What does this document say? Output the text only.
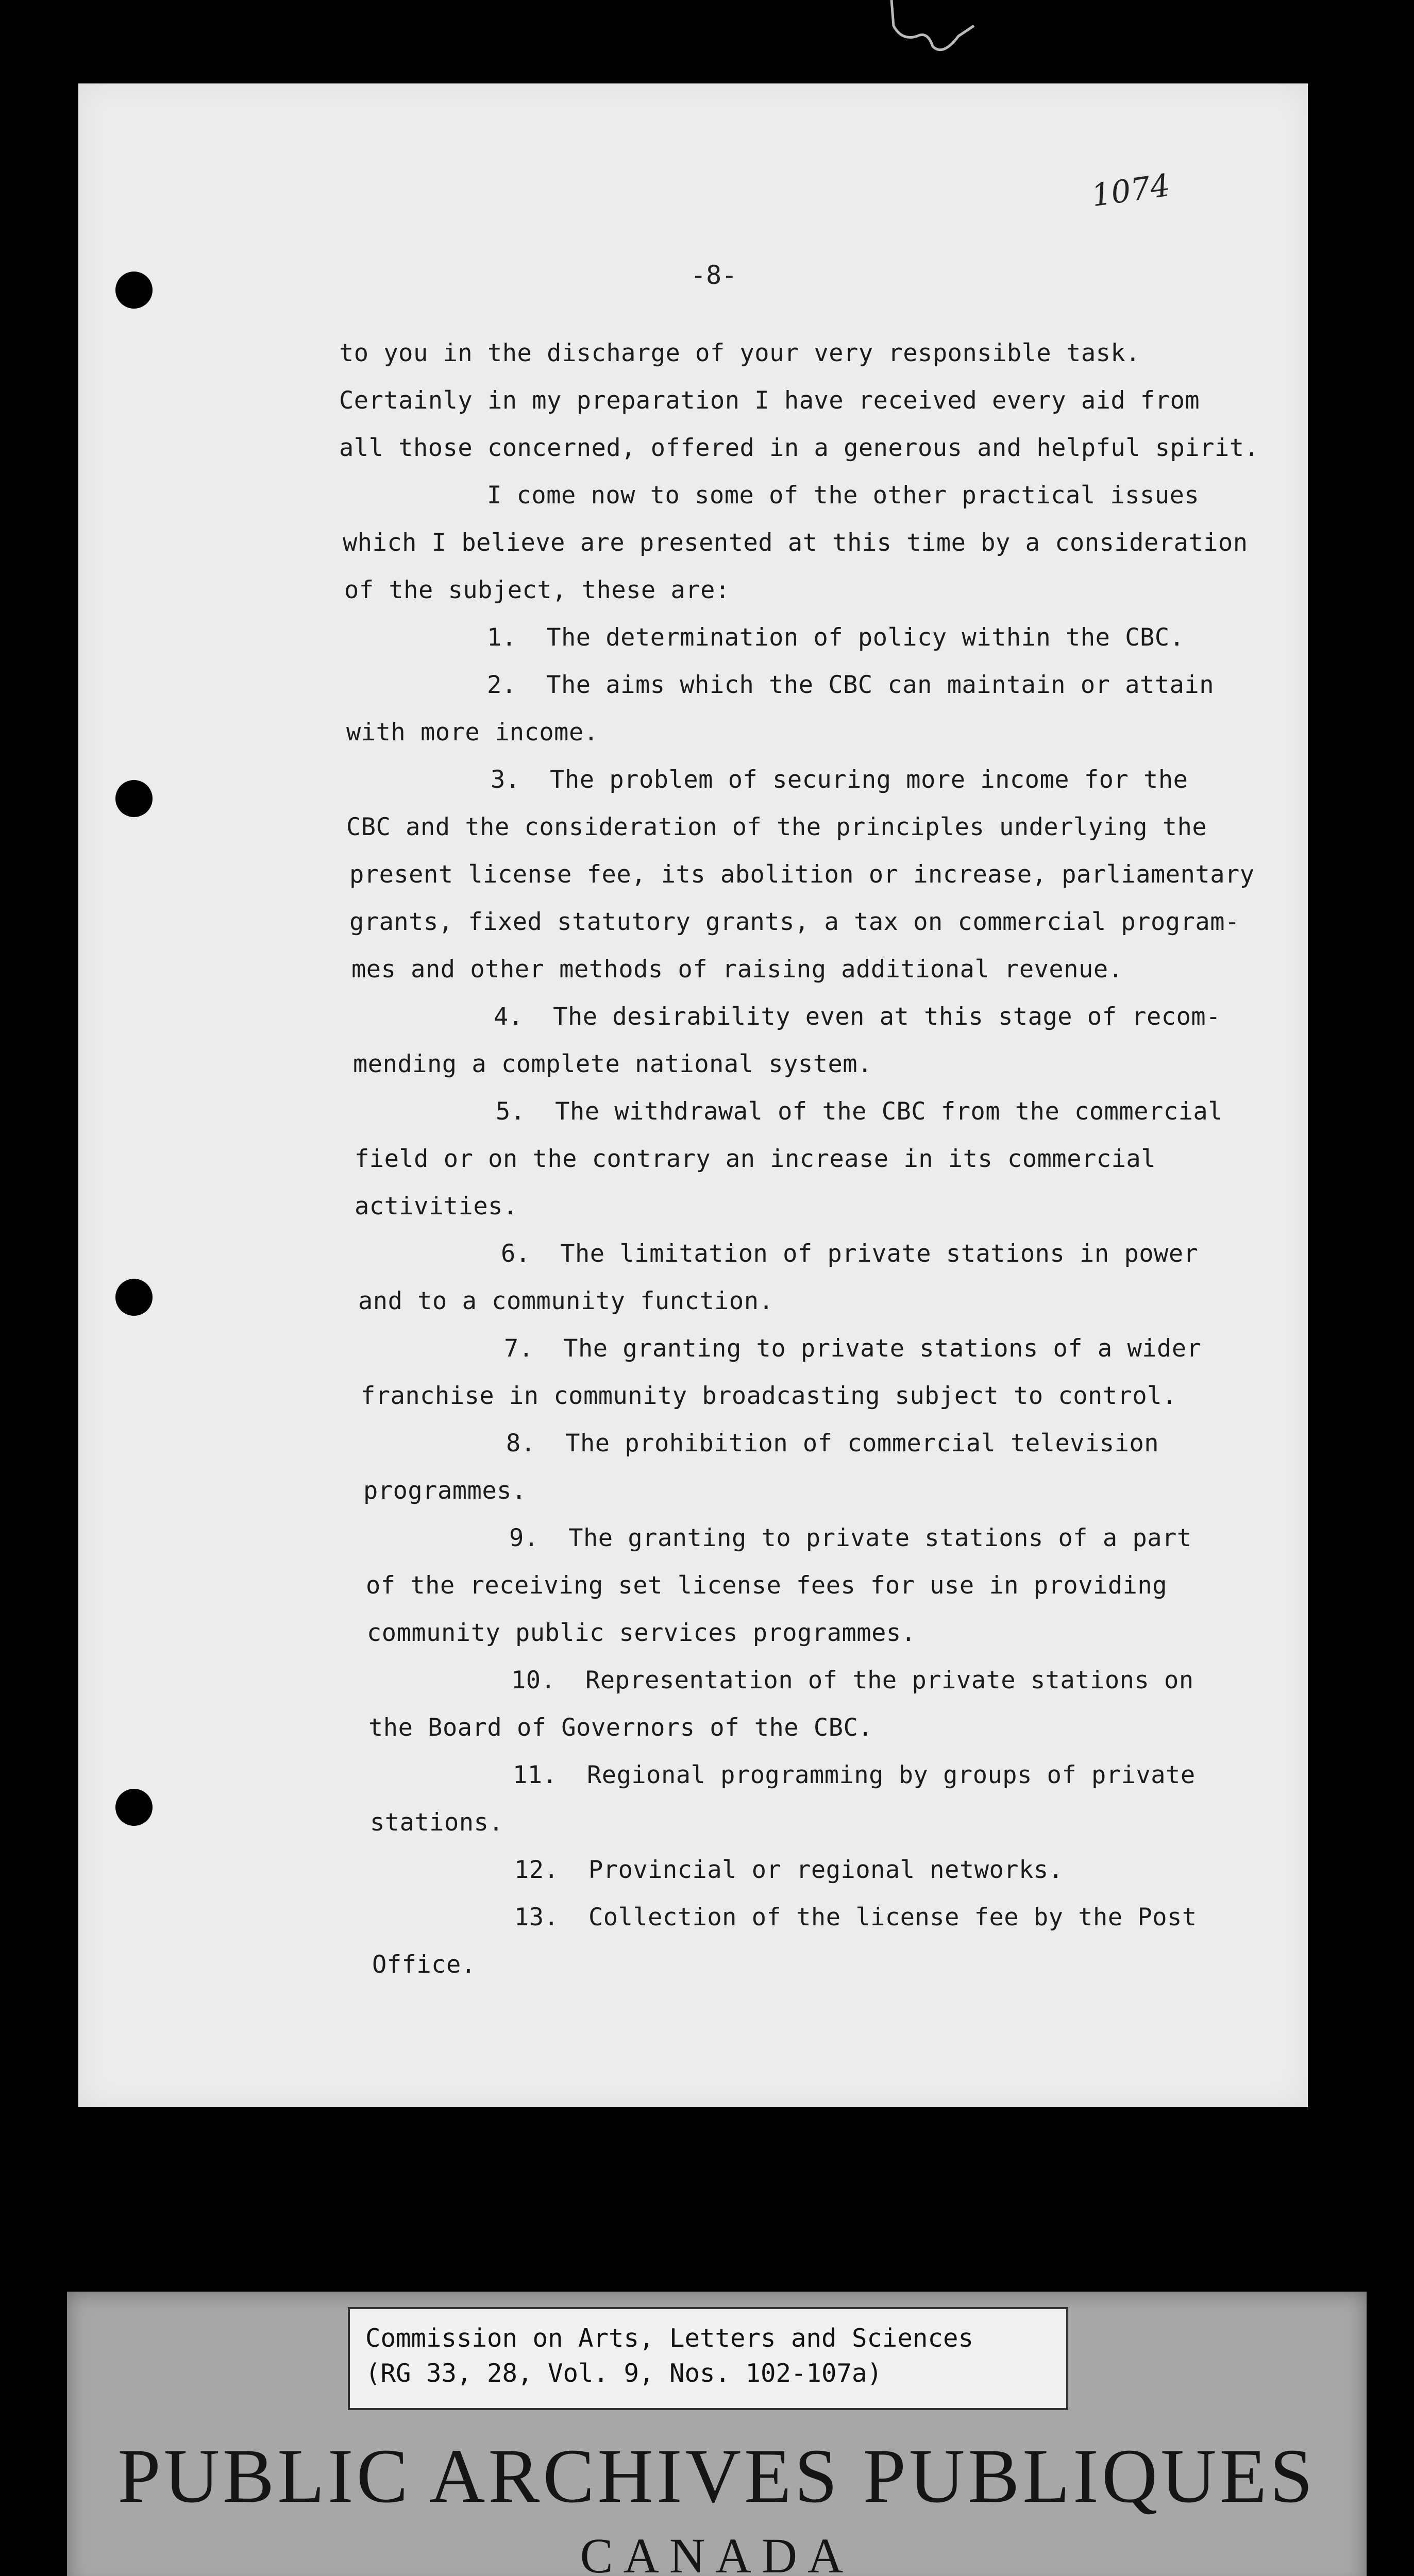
1074
-8-
to you in the discharge of your very responsible task.
Certainly in my preparation I have received every aid from
all those concerned, offered in a generous and helpful spirit.
I come now to some of the other practical issues
which I believe are presented at this time by a consideration
of the subject, these are:
1.  The determination of policy within the CBC.
2.  The aims which the CBC can maintain or attain
with more income.
3.  The problem of securing more income for the
CBC and the consideration of the principles underlying the
present license fee, its abolition or increase, parliamentary
grants, fixed statutory grants, a tax on commercial program-
mes and other methods of raising additional revenue.
4.  The desirability even at this stage of recom-
mending a complete national system.
5.  The withdrawal of the CBC from the commercial
field or on the contrary an increase in its commercial
activities.
6.  The limitation of private stations in power
and to a community function.
7.  The granting to private stations of a wider
franchise in community broadcasting subject to control.
8.  The prohibition of commercial television
programmes.
9.  The granting to private stations of a part
of the receiving set license fees for use in providing
community public services programmes.
10.  Representation of the private stations on
the Board of Governors of the CBC.
11.  Regional programming by groups of private
stations.
12.  Provincial or regional networks.
13.  Collection of the license fee by the Post
Office.
Commission on Arts, Letters and Sciences
(RG 33, 28, Vol. 9, Nos. 102-107a)
PUBLIC ARCHIVES PUBLIQUES
CANADA
